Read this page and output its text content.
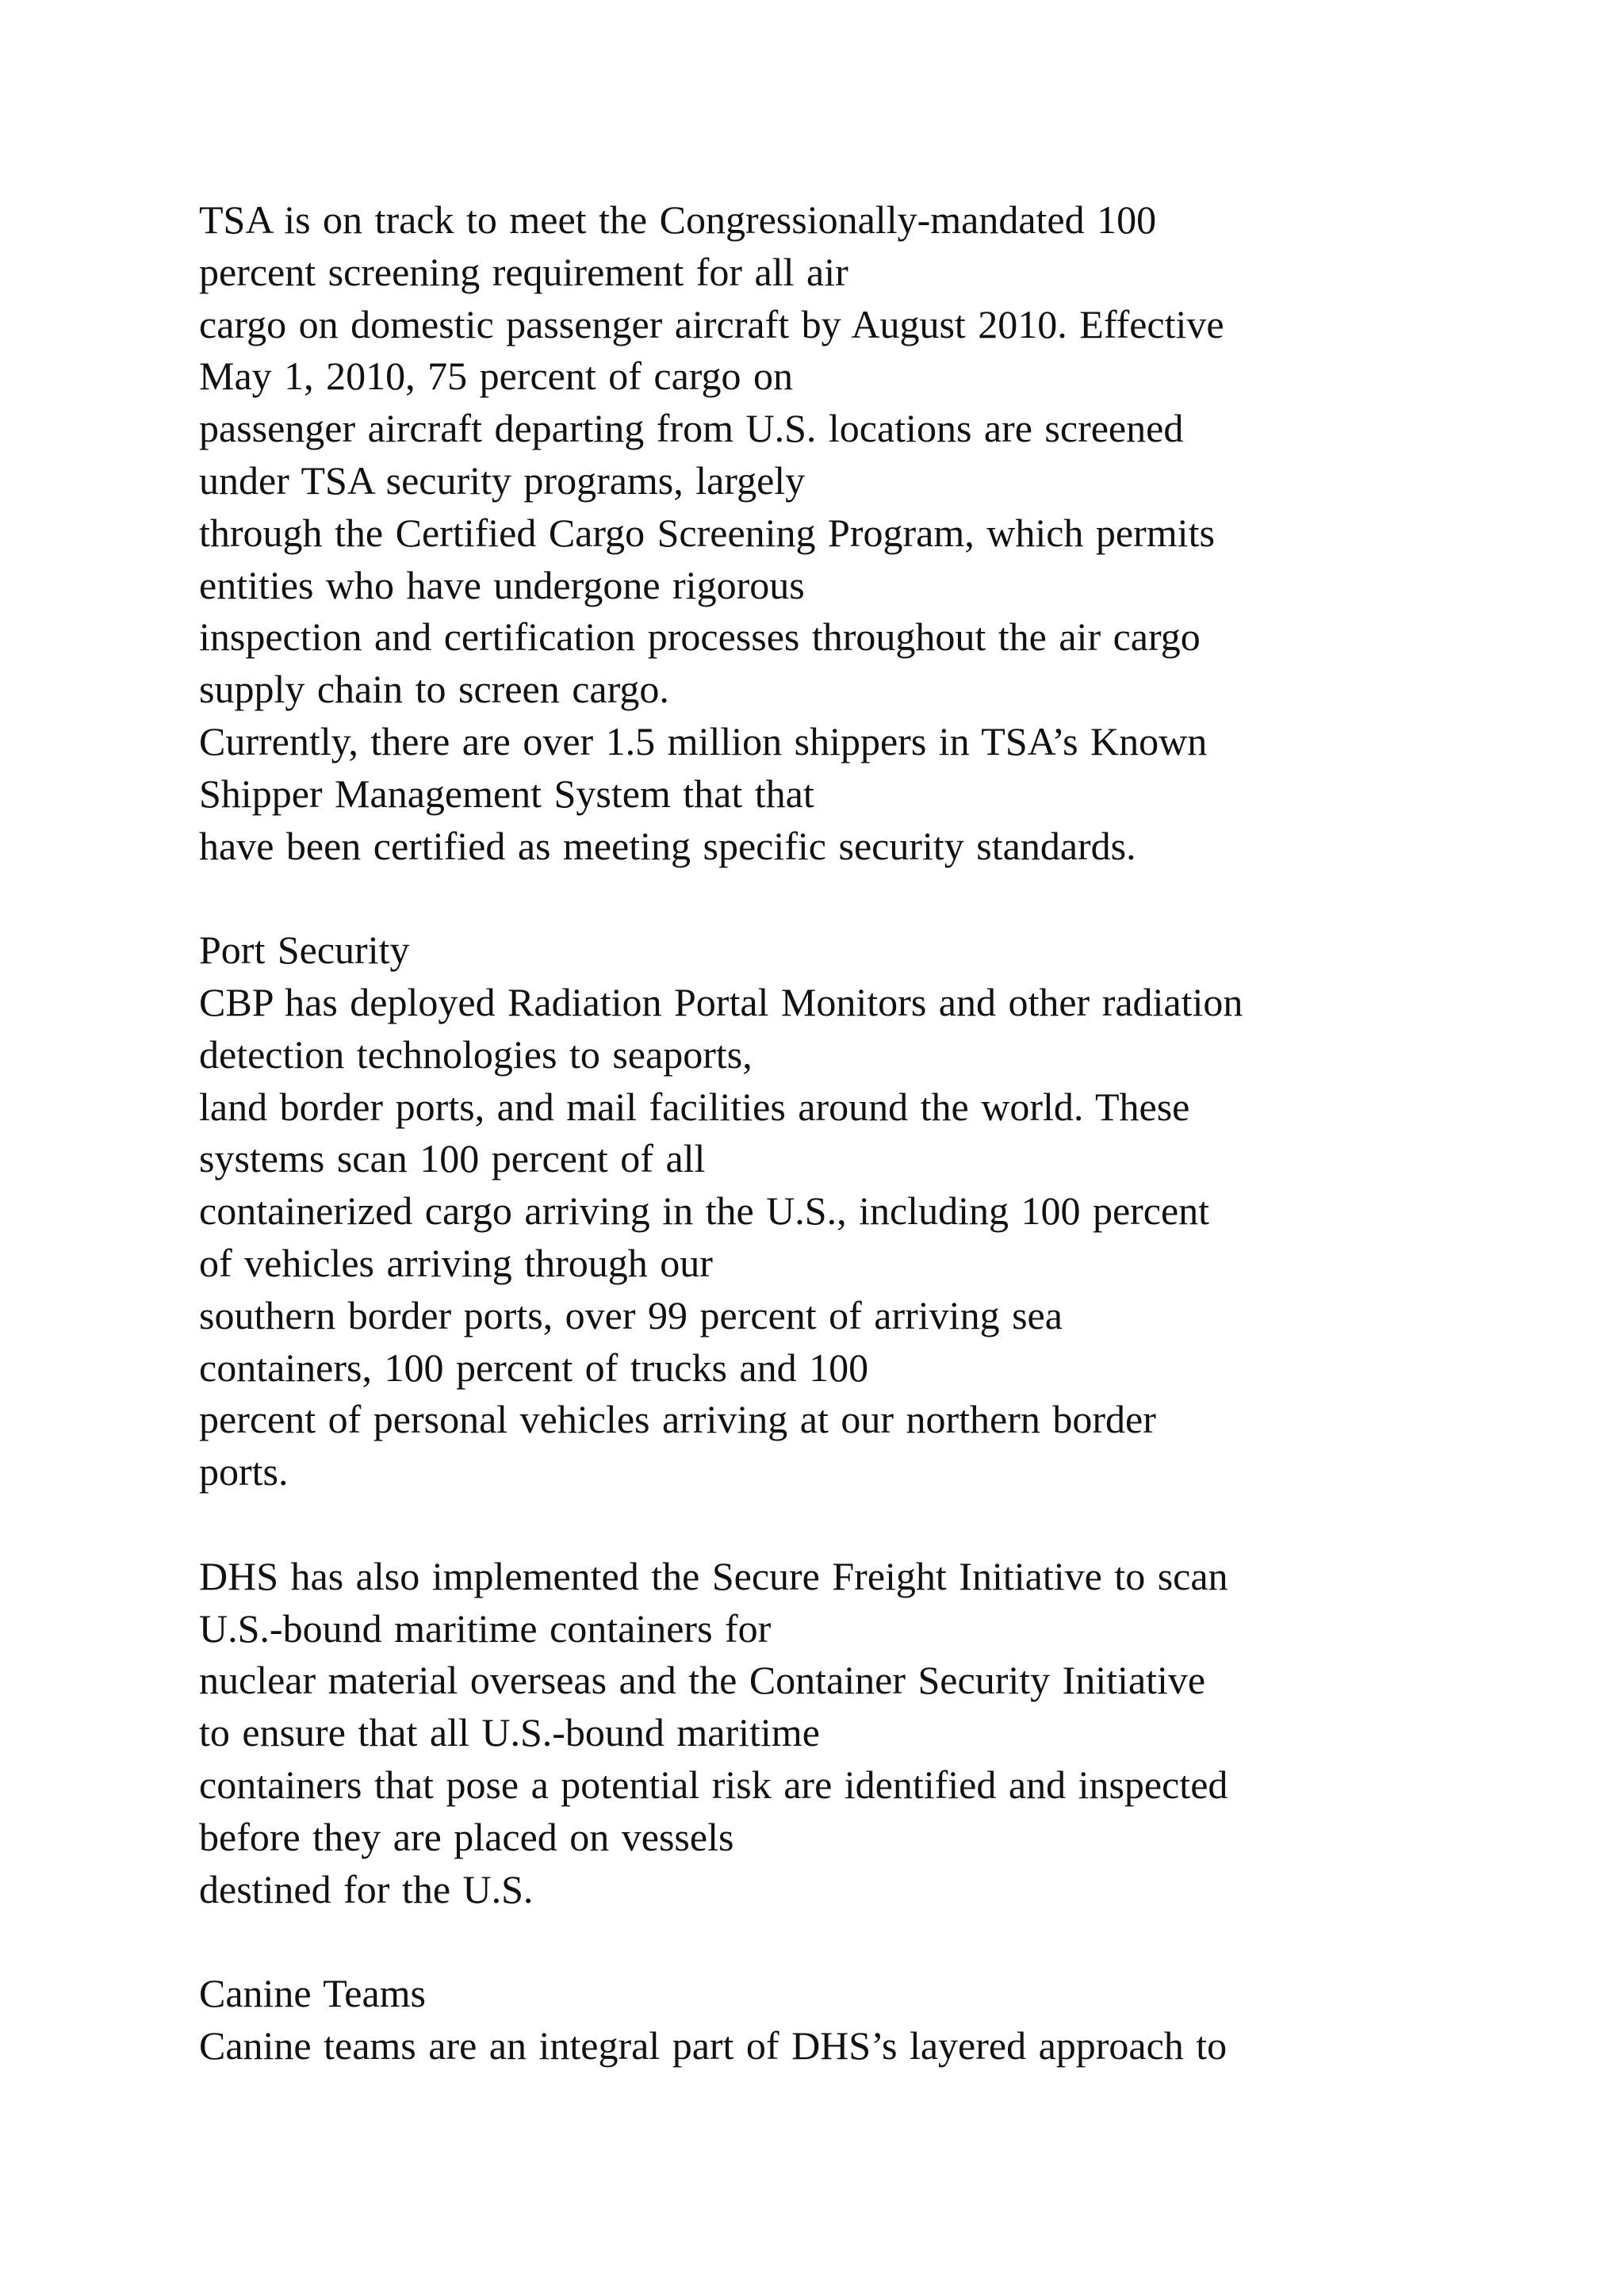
TSA is on track to meet the Congressionally-mandated 100
percent screening requirement for all air
cargo on domestic passenger aircraft by August 2010. Effective
May 1, 2010, 75 percent of cargo on
passenger aircraft departing from U.S. locations are screened
under TSA security programs, largely
through the Certified Cargo Screening Program, which permits
entities who have undergone rigorous
inspection and certification processes throughout the air cargo
supply chain to screen cargo.
Currently, there are over 1.5 million shippers in TSA’s Known
Shipper Management System that that
have been certified as meeting specific security standards.
Port Security
CBP has deployed Radiation Portal Monitors and other radiation
detection technologies to seaports,
land border ports, and mail facilities around the world. These
systems scan 100 percent of all
containerized cargo arriving in the U.S., including 100 percent
of vehicles arriving through our
southern border ports, over 99 percent of arriving sea
containers, 100 percent of trucks and 100
percent of personal vehicles arriving at our northern border
ports.
DHS has also implemented the Secure Freight Initiative to scan
U.S.-bound maritime containers for
nuclear material overseas and the Container Security Initiative
to ensure that all U.S.-bound maritime
containers that pose a potential risk are identified and inspected
before they are placed on vessels
destined for the U.S.
Canine Teams
Canine teams are an integral part of DHS’s layered approach to
